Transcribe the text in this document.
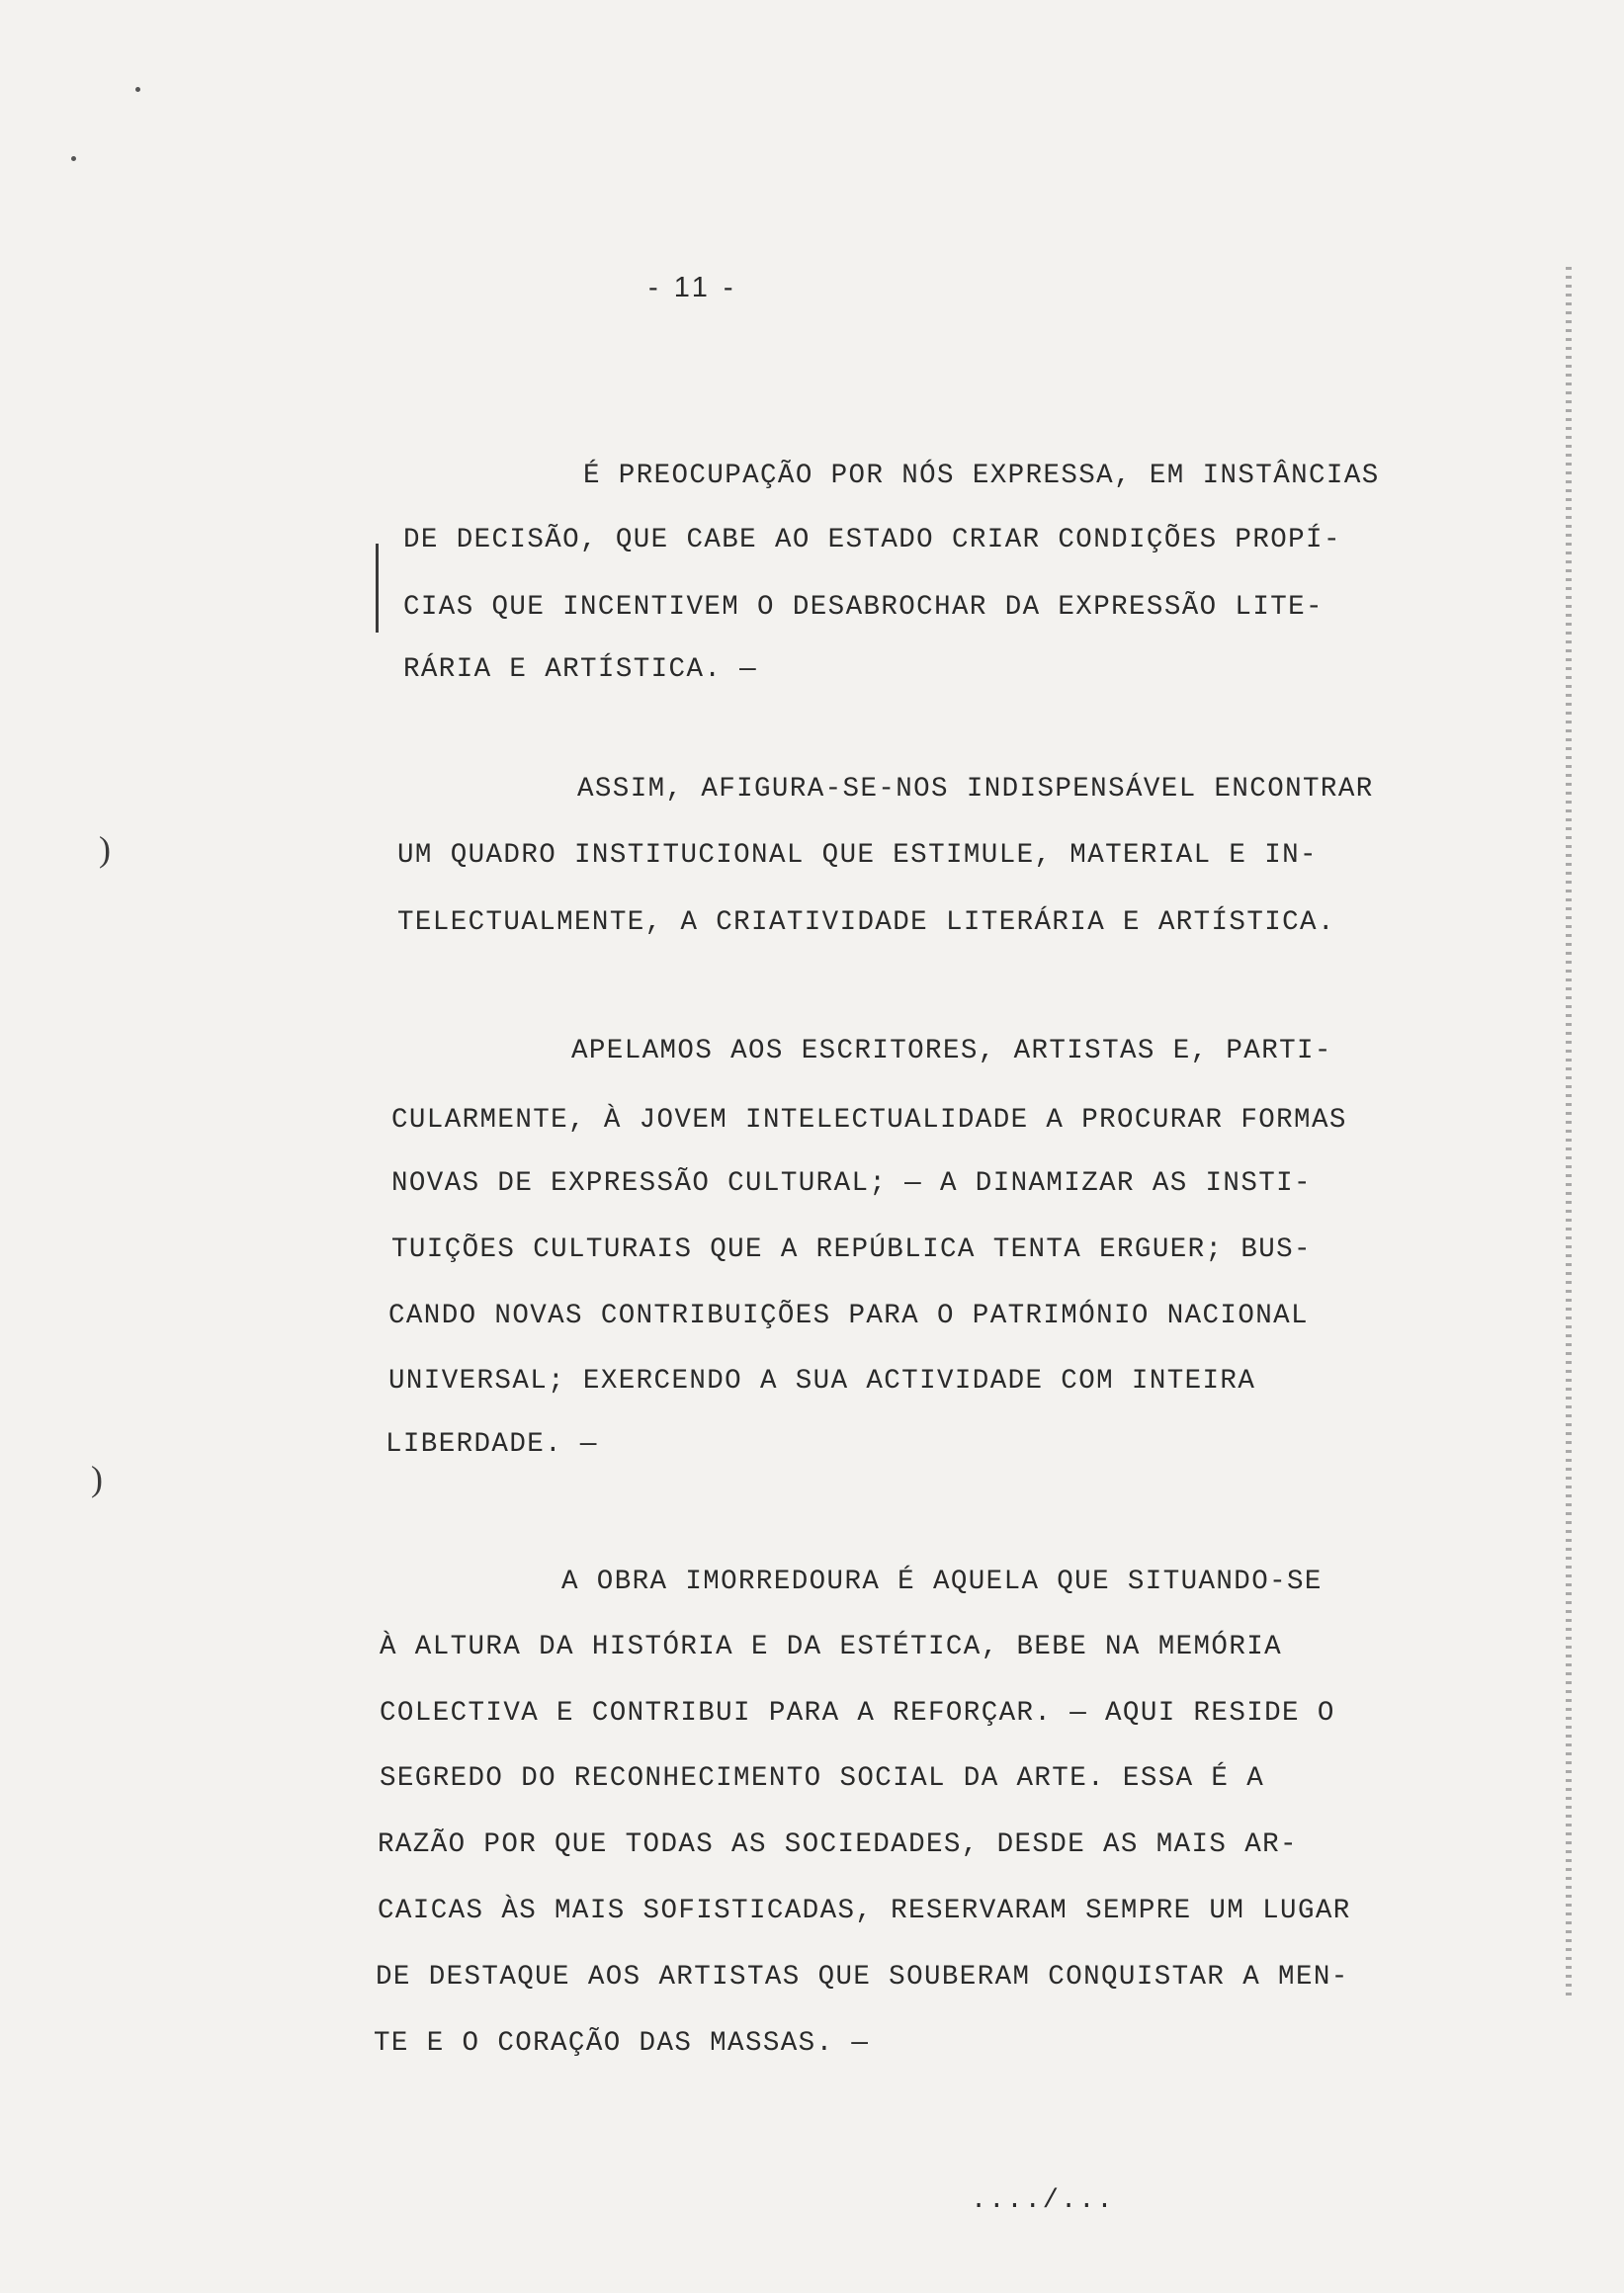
- 11 -
)
)
É PREOCUPAÇÃO POR NÓS EXPRESSA, EM INSTÂNCIAS
DE DECISÃO, QUE CABE AO ESTADO CRIAR CONDIÇÕES PROPÍ-
CIAS QUE INCENTIVEM O DESABROCHAR DA EXPRESSÃO LITE-
RÁRIA E ARTÍSTICA. —
ASSIM, AFIGURA-SE-NOS INDISPENSÁVEL ENCONTRAR
UM QUADRO INSTITUCIONAL QUE ESTIMULE, MATERIAL E IN-
TELECTUALMENTE, A CRIATIVIDADE LITERÁRIA E ARTÍSTICA.
APELAMOS AOS ESCRITORES, ARTISTAS E, PARTI-
CULARMENTE, À JOVEM INTELECTUALIDADE A PROCURAR FORMAS
NOVAS DE EXPRESSÃO CULTURAL; — A DINAMIZAR AS INSTI-
TUIÇÕES CULTURAIS QUE A REPÚBLICA TENTA ERGUER; BUS-
CANDO NOVAS CONTRIBUIÇÕES PARA O PATRIMÓNIO NACIONAL
UNIVERSAL; EXERCENDO A SUA ACTIVIDADE COM INTEIRA
LIBERDADE. —
A OBRA IMORREDOURA É AQUELA QUE SITUANDO-SE
À ALTURA DA HISTÓRIA E DA ESTÉTICA, BEBE NA MEMÓRIA
COLECTIVA E CONTRIBUI PARA A REFORÇAR. — AQUI RESIDE O
SEGREDO DO RECONHECIMENTO SOCIAL DA ARTE. ESSA É A
RAZÃO POR QUE TODAS AS SOCIEDADES, DESDE AS MAIS AR-
CAICAS ÀS MAIS SOFISTICADAS, RESERVARAM SEMPRE UM LUGAR
DE DESTAQUE AOS ARTISTAS QUE SOUBERAM CONQUISTAR A MEN-
TE E O CORAÇÃO DAS MASSAS. —
..../...
